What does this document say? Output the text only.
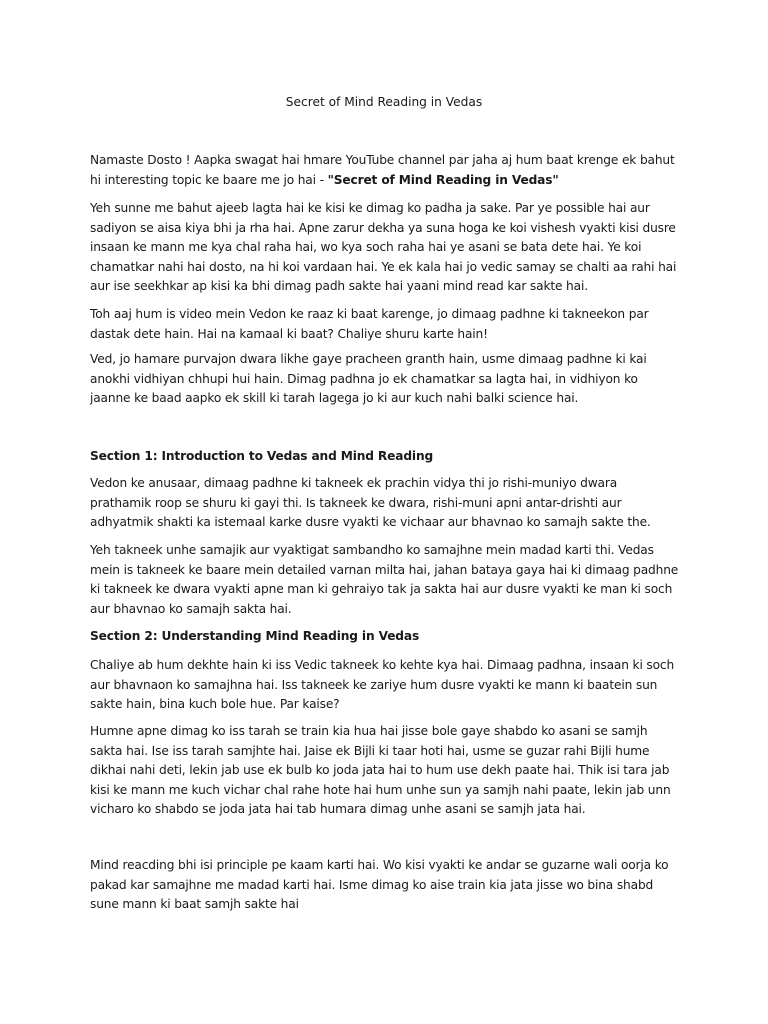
Secret of Mind Reading in Vedas

Namaste Dosto ! Aapka swagat hai hmare YouTube channel par jaha aj hum baat krenge ek bahut hi interesting topic ke baare me jo hai - "Secret of Mind Reading in Vedas"

Yeh sunne me bahut ajeeb lagta hai ke kisi ke dimag ko padha ja sake. Par ye possible hai aur sadiyon se aisa kiya bhi ja rha hai. Apne zarur dekha ya suna hoga ke koi vishesh vyakti kisi dusre insaan ke mann me kya chal raha hai, wo kya soch raha hai ye asani se bata dete hai. Ye koi chamatkar nahi hai dosto, na hi koi vardaan hai. Ye ek kala hai jo vedic samay se chalti aa rahi hai aur ise seekhkar ap kisi ka bhi dimag padh sakte hai yaani mind read kar sakte hai.

Toh aaj hum is video mein Vedon ke raaz ki baat karenge, jo dimaag padhne ki takneekon par dastak dete hain. Hai na kamaal ki baat? Chaliye shuru karte hain!

Ved, jo hamare purvajon dwara likhe gaye pracheen granth hain, usme dimaag padhne ki kai anokhi vidhiyan chhupi hui hain. Dimag padhna jo ek chamatkar sa lagta hai, in vidhiyon ko jaanne ke baad aapko ek skill ki tarah lagega jo ki aur kuch nahi balki science hai.

Section 1: Introduction to Vedas and Mind Reading

Vedon ke anusaar, dimaag padhne ki takneek ek prachin vidya thi jo rishi-muniyo dwara prathamik roop se shuru ki gayi thi. Is takneek ke dwara, rishi-muni apni antar-drishti aur adhyatmik shakti ka istemaal karke dusre vyakti ke vichaar aur bhavnao ko samajh sakte the.

Yeh takneek unhe samajik aur vyaktigat sambandho ko samajhne mein madad karti thi. Vedas mein is takneek ke baare mein detailed varnan milta hai, jahan bataya gaya hai ki dimaag padhne ki takneek ke dwara vyakti apne man ki gehraiyo tak ja sakta hai aur dusre vyakti ke man ki soch aur bhavnao ko samajh sakta hai.

Section 2: Understanding Mind Reading in Vedas

Chaliye ab hum dekhte hain ki iss Vedic takneek ko kehte kya hai. Dimaag padhna, insaan ki soch aur bhavnaon ko samajhna hai. Iss takneek ke zariye hum dusre vyakti ke mann ki baatein sun sakte hain, bina kuch bole hue. Par kaise?

Humne apne dimag ko iss tarah se train kia hua hai jisse bole gaye shabdo ko asani se samjh sakta hai. Ise iss tarah samjhte hai. Jaise ek Bijli ki taar hoti hai, usme se guzar rahi Bijli hume dikhai nahi deti, lekin jab use ek bulb ko joda jata hai to hum use dekh paate hai. Thik isi tara jab kisi ke mann me kuch vichar chal rahe hote hai hum unhe sun ya samjh nahi paate, lekin jab unn vicharo ko shabdo se joda jata hai tab humara dimag unhe asani se samjh jata hai.

Mind reacding bhi isi principle pe kaam karti hai. Wo kisi vyakti ke andar se guzarne wali oorja ko pakad kar samajhne me madad karti hai. Isme dimag ko aise train kia jata jisse wo bina shabd sune mann ki baat samjh sakte hai
